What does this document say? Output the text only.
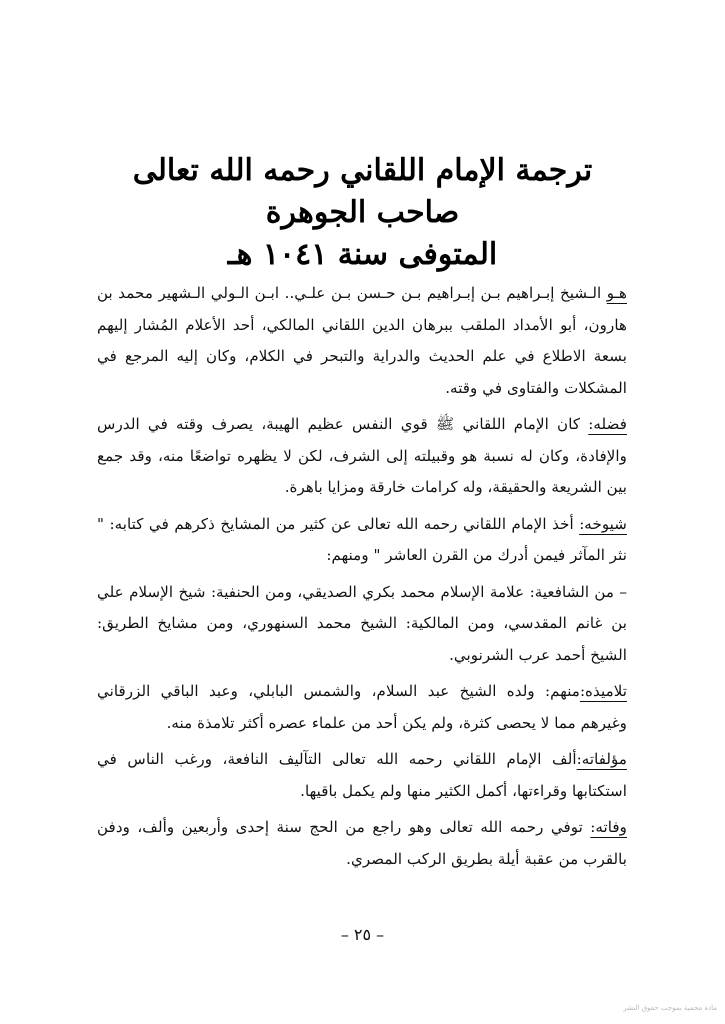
ترجمة الإمام اللقاني رحمه الله تعالى
صاحب الجوهرة
المتوفى سنة ١٠٤١ هـ

هـو الـشيخ إبـراهيم بـن إبـراهيم بـن حـسن بـن علـي.. ابـن الـولي الـشهير محمد بن هارون، أبو الأمداد الملقب ببرهان الدين اللقاني المالكي، أحد الأعلام المُشار إليهم بسعة الاطلاع في علم الحديث والدراية والتبحر في الكلام، وكان إليه المرجع في المشكلات والفتاوى في وقته.

فضله: كان الإمام اللقاني ﷺ قوي النفس عظيم الهيبة، يصرف وقته في الدرس والإفادة، وكان له نسبة هو وقبيلته إلى الشرف، لكن لا يظهره تواضعًا منه، وقد جمع بين الشريعة والحقيقة، وله كرامات خارقة ومزايا باهرة.

شيوخه: أخذ الإمام اللقاني رحمه الله تعالى عن كثير من المشايخ ذكرهم في كتابه: " نثر المآثر فيمن أدرك من القرن العاشر " ومنهم:

– من الشافعية: علامة الإسلام محمد بكري الصديقي، ومن الحنفية: شيخ الإسلام علي بن غانم المقدسي، ومن المالكية: الشيخ محمد السنهوري، ومن مشايخ الطريق: الشيخ أحمد عرب الشرنوبي.

تلاميذه:منهم: ولده الشيخ عبد السلام، والشمس البابلي، وعبد الباقي الزرقاني وغيرهم مما لا يحصى كثرة، ولم يكن أحد من علماء عصره أكثر تلامذة منه.

مؤلفاته:ألف الإمام اللقاني رحمه الله تعالى التآليف النافعة، ورغب الناس في استكتابها وقراءتها، أكمل الكثير منها ولم يكمل باقيها.

وفاته: توفي رحمه الله تعالى وهو راجع من الحج سنة إحدى وأربعين وألف، ودفن بالقرب من عقبة أيلة بطريق الركب المصري.

– ٢٥ –
مادة محمية بموجب حقوق النشر
